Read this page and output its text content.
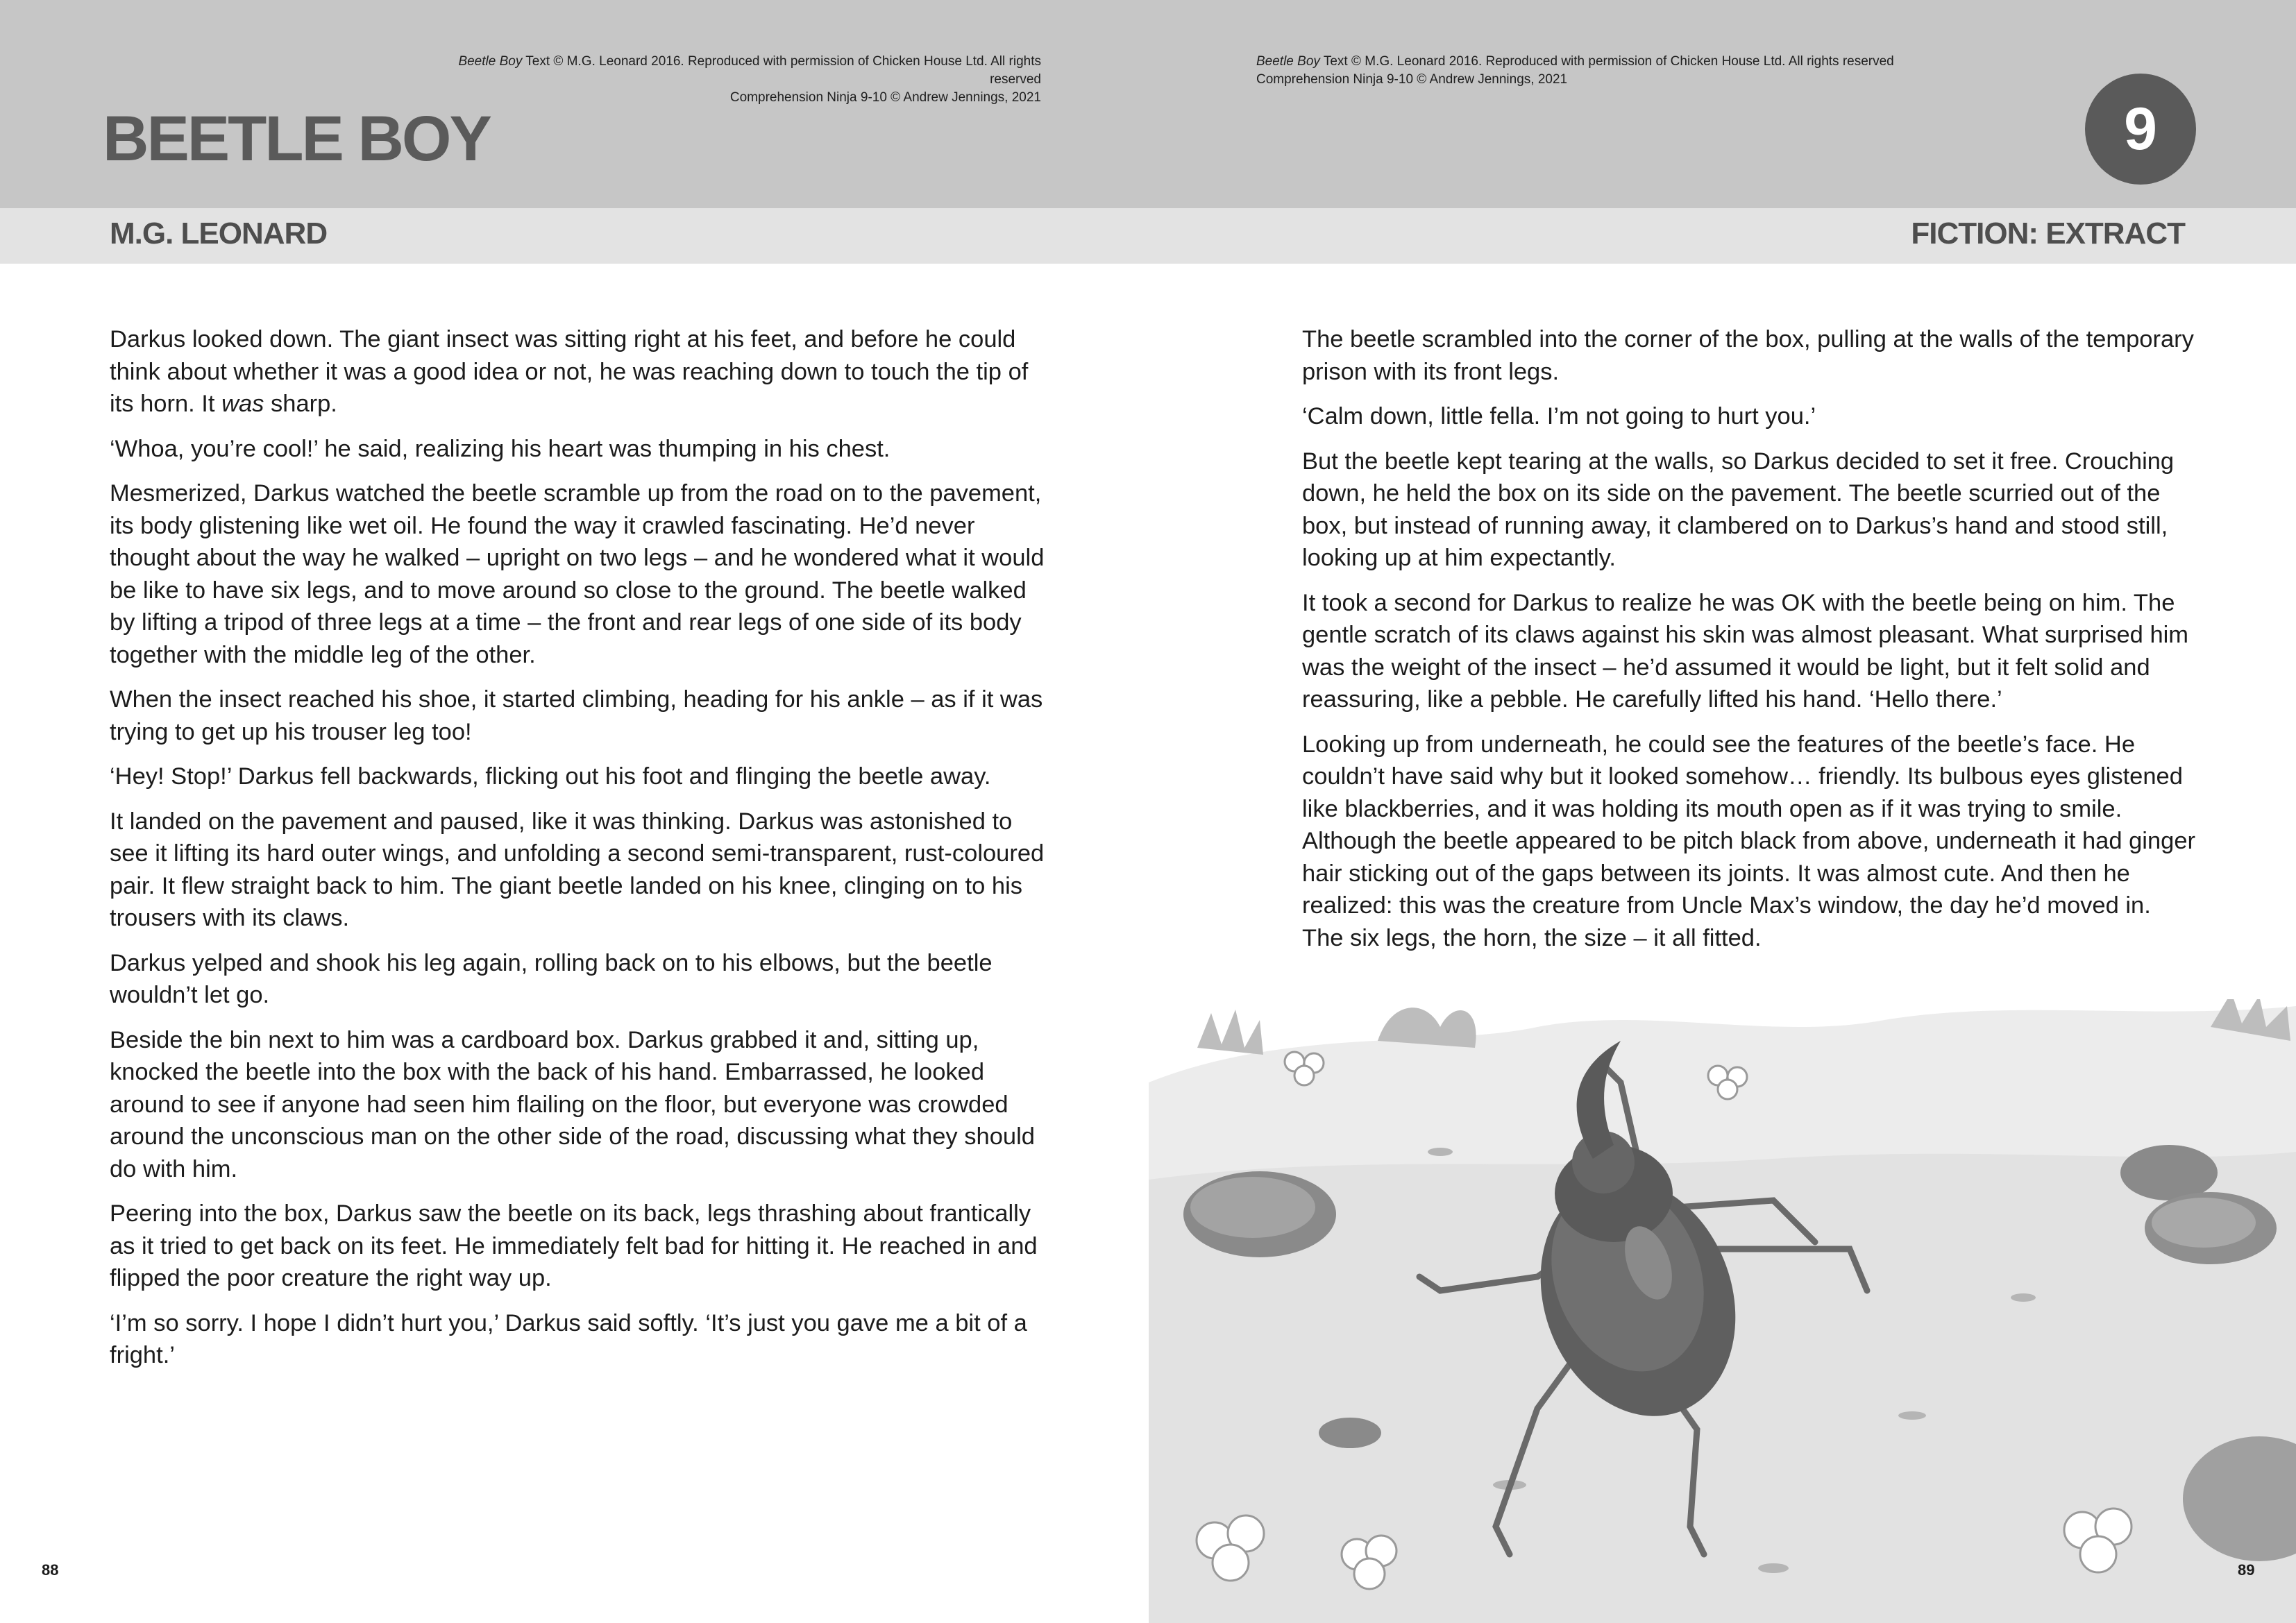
Beetle Boy Text © M.G. Leonard 2016. Reproduced with permission of Chicken House Ltd. All rights reserved

Comprehension Ninja 9-10 © Andrew Jennings, 2021

Beetle Boy Text © M.G. Leonard 2016. Reproduced with permission of Chicken House Ltd. All rights reserved

Comprehension Ninja 9-10 © Andrew Jennings, 2021

BEETLE BOY	9
M.G. LEONARD	FICTION: EXTRACT

Darkus looked down. The giant insect was sitting right at his feet, and before he could think about whether it was a good idea or not, he was reaching down to touch the tip of its horn. It was sharp.

‘Whoa, you’re cool!’ he said, realizing his heart was thumping in his chest.

Mesmerized, Darkus watched the beetle scramble up from the road on to the pavement, its body glistening like wet oil. He found the way it crawled fascinating. He’d never thought about the way he walked – upright on two legs – and he wondered what it would be like to have six legs, and to move around so close to the ground. The beetle walked by lifting a tripod of three legs at a time – the front and rear legs of one side of its body together with the middle leg of the other.

When the insect reached his shoe, it started climbing, heading for his ankle – as if it was trying to get up his trouser leg too!

‘Hey! Stop!’ Darkus fell backwards, flicking out his foot and flinging the beetle away.

It landed on the pavement and paused, like it was thinking. Darkus was astonished to see it lifting its hard outer wings, and unfolding a second semi-transparent, rust-coloured pair. It flew straight back to him. The giant beetle landed on his knee, clinging on to his trousers with its claws.

Darkus yelped and shook his leg again, rolling back on to his elbows, but the beetle wouldn’t let go.

Beside the bin next to him was a cardboard box. Darkus grabbed it and, sitting up, knocked the beetle into the box with the back of his hand. Embarrassed, he looked around to see if anyone had seen him flailing on the floor, but everyone was crowded around the unconscious man on the other side of the road, discussing what they should do with him.

Peering into the box, Darkus saw the beetle on its back, legs thrashing about frantically as it tried to get back on its feet. He immediately felt bad for hitting it. He reached in and flipped the poor creature the right way up.

‘I’m so sorry. I hope I didn’t hurt you,’ Darkus said softly. ‘It’s just you gave me a bit of a fright.’

The beetle scrambled into the corner of the box, pulling at the walls of the temporary prison with its front legs.

‘Calm down, little fella. I’m not going to hurt you.’

But the beetle kept tearing at the walls, so Darkus decided to set it free. Crouching down, he held the box on its side on the pavement. The beetle scurried out of the box, but instead of running away, it clambered on to Darkus’s hand and stood still, looking up at him expectantly.

It took a second for Darkus to realize he was OK with the beetle being on him. The gentle scratch of its claws against his skin was almost pleasant. What surprised him was the weight of the insect – he’d assumed it would be light, but it felt solid and reassuring, like a pebble. He carefully lifted his hand. ‘Hello there.’

Looking up from underneath, he could see the features of the beetle’s face. He couldn’t have said why but it looked somehow… friendly. Its bulbous eyes glistened like blackberries, and it was holding its mouth open as if it was trying to smile. Although the beetle appeared to be pitch black from above, underneath it had ginger hair sticking out of the gaps between its joints. It was almost cute. And then he realized: this was the creature from Uncle Max’s window, the day he’d moved in. The six legs, the horn, the size – it all fitted.

88	89
